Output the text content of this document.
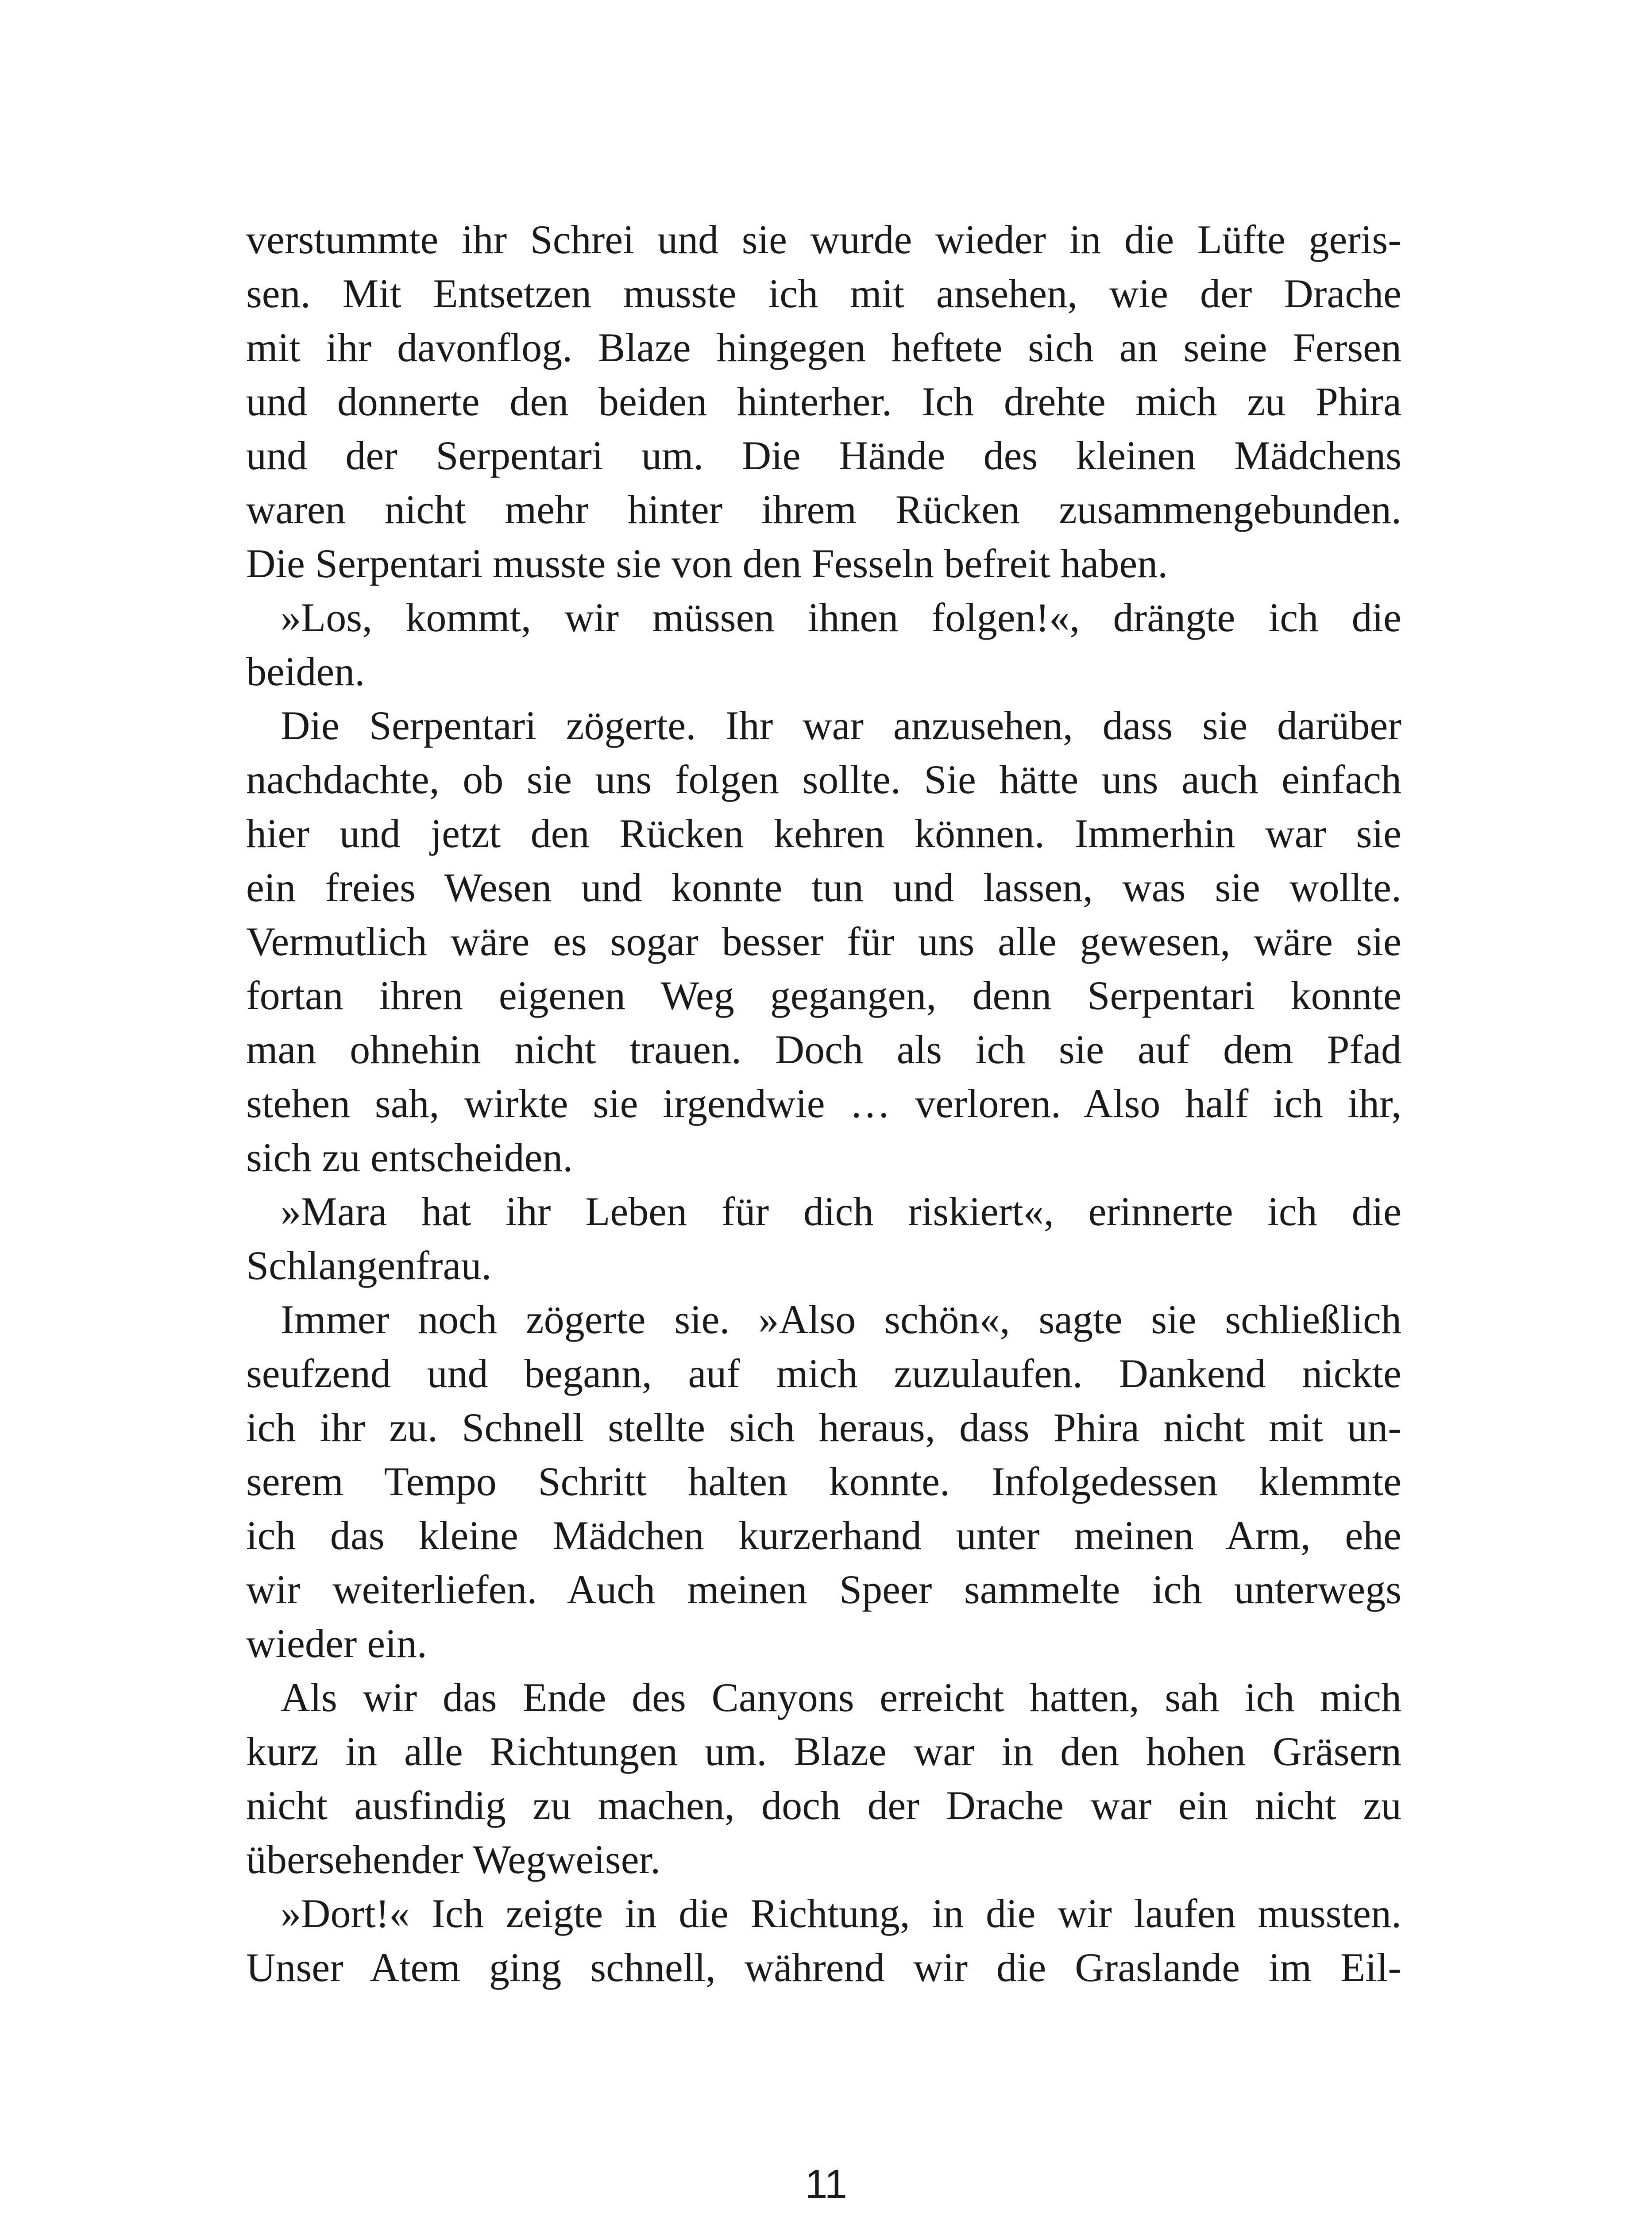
verstummte ihr Schrei und sie wurde wieder in die Lüfte geris-
sen. Mit Entsetzen musste ich mit ansehen, wie der Drache
mit ihr davonflog. Blaze hingegen heftete sich an seine Fersen
und donnerte den beiden hinterher. Ich drehte mich zu Phira
und der Serpentari um. Die Hände des kleinen Mädchens
waren nicht mehr hinter ihrem Rücken zusammengebunden.
Die Serpentari musste sie von den Fesseln befreit haben.
»Los, kommt, wir müssen ihnen folgen!«, drängte ich die
beiden.
Die Serpentari zögerte. Ihr war anzusehen, dass sie darüber
nachdachte, ob sie uns folgen sollte. Sie hätte uns auch einfach
hier und jetzt den Rücken kehren können. Immerhin war sie
ein freies Wesen und konnte tun und lassen, was sie wollte.
Vermutlich wäre es sogar besser für uns alle gewesen, wäre sie
fortan ihren eigenen Weg gegangen, denn Serpentari konnte
man ohnehin nicht trauen. Doch als ich sie auf dem Pfad
stehen sah, wirkte sie irgendwie … verloren. Also half ich ihr,
sich zu entscheiden.
»Mara hat ihr Leben für dich riskiert«, erinnerte ich die
Schlangenfrau.
Immer noch zögerte sie. »Also schön«, sagte sie schließlich
seufzend und begann, auf mich zuzulaufen. Dankend nickte
ich ihr zu. Schnell stellte sich heraus, dass Phira nicht mit un-
serem Tempo Schritt halten konnte. Infolgedessen klemmte
ich das kleine Mädchen kurzerhand unter meinen Arm, ehe
wir weiterliefen. Auch meinen Speer sammelte ich unterwegs
wieder ein.
Als wir das Ende des Canyons erreicht hatten, sah ich mich
kurz in alle Richtungen um. Blaze war in den hohen Gräsern
nicht ausfindig zu machen, doch der Drache war ein nicht zu
übersehender Wegweiser.
»Dort!« Ich zeigte in die Richtung, in die wir laufen mussten.
Unser Atem ging schnell, während wir die Graslande im Eil-
11
